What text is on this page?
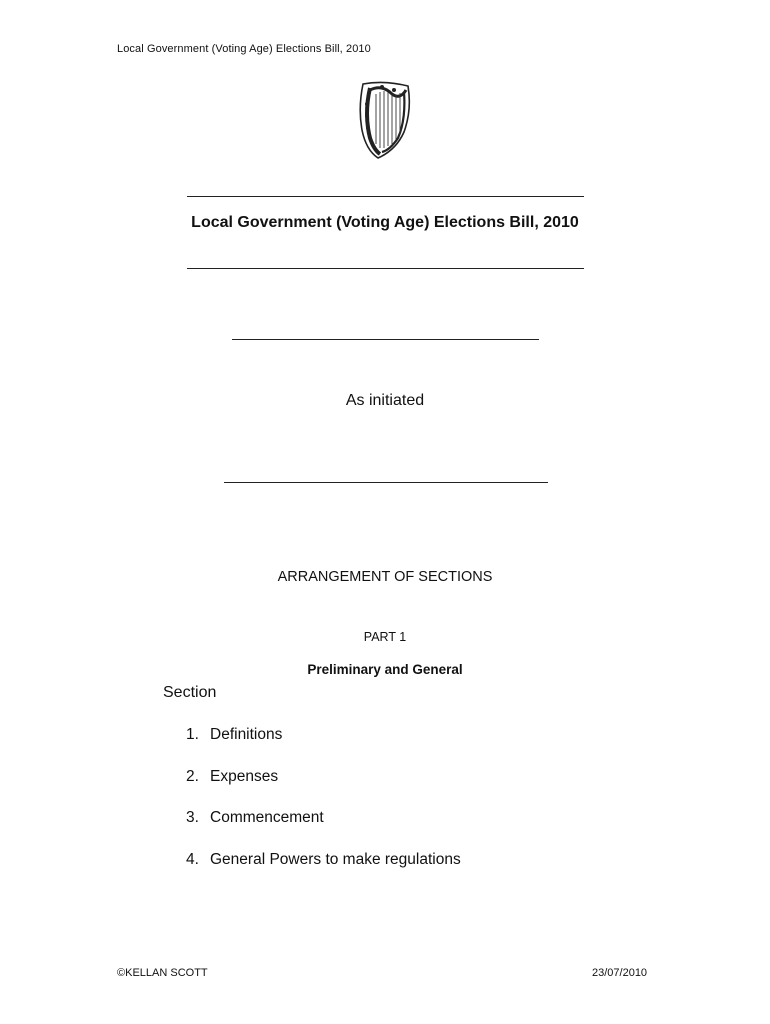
Local Government (Voting Age) Elections Bill, 2010
Local Government (Voting Age) Elections Bill, 2010
As initiated
ARRANGEMENT OF SECTIONS
PART 1
Preliminary and General
Section
1. Definitions
2. Expenses
3. Commencement
4. General Powers to make regulations
©KELLAN SCOTT	23/07/2010
